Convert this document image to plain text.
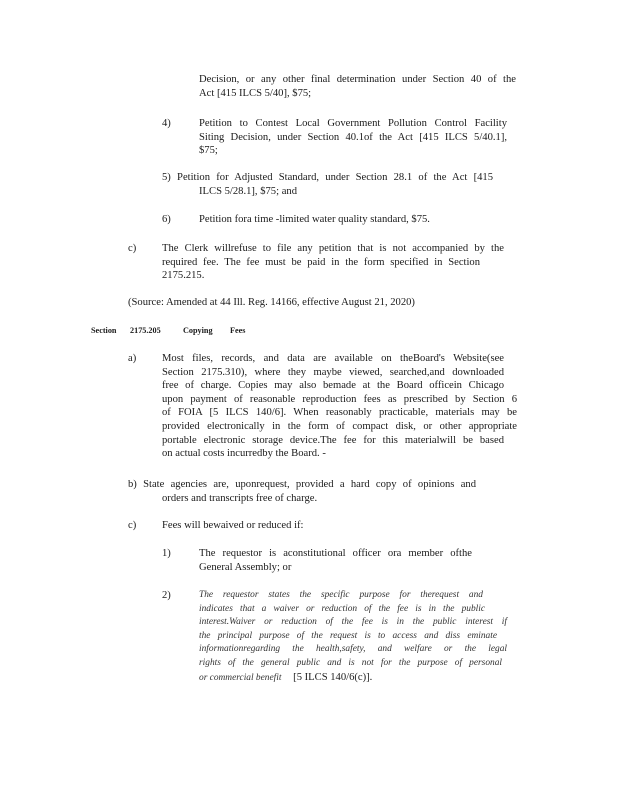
Decision, or any other final determination under Section 40 of the
Act [415 ILCS 5/40], $75;
4)	Petition to Contest Local Government Pollution Control Facility
Siting Decision, under Section 40.1of the Act [415 ILCS 5/40.1],
$75;
5) Petition for Adjusted Standard, under Section 28.1 of the Act [415
ILCS 5/28.1], $75; and
6)	Petition fora time -limited water quality standard, $75.
c) The Clerk willrefuse to file any petition that is not accompanied by the
required fee. The fee must be paid in the form specified in Section
2175.215.
(Source: Amended at 44 Ill. Reg. 14166, effective August 21, 2020)
Section 2175.205	Copying Fees
a) Most files, records, and data are available on theBoard's Website(see
Section 2175.310), where they maybe viewed, searched,and downloaded
free of charge. Copies may also bemade at the Board officein Chicago
upon payment of reasonable reproduction fees as prescribed by Section 6
of FOIA [5 ILCS 140/6]. When reasonably practicable, materials may be
provided electronically in the form of compact disk, or other appropriate
portable electronic storage device.The fee for this materialwill be based
on actual costs incurredby the Board. -
b) State agencies are, uponrequest, provided a hard copy of opinions and
orders and transcripts free of charge.
c) Fees will bewaived or reduced if:
1)	The requestor is aconstitutional officer ora member ofthe
General Assembly; or
2)	The requestor states the specific purpose for therequest and
indicates that a waiver or reduction of the fee is in the public
interest.Waiver or reduction of the fee is in the public interest if
the principal purpose of the request is to access and diss eminate
informationregarding the health,safety, and welfare or the legal
rights of the general public and is not for the purpose of personal
or commercial benefit [5 ILCS 140/6(c)].
